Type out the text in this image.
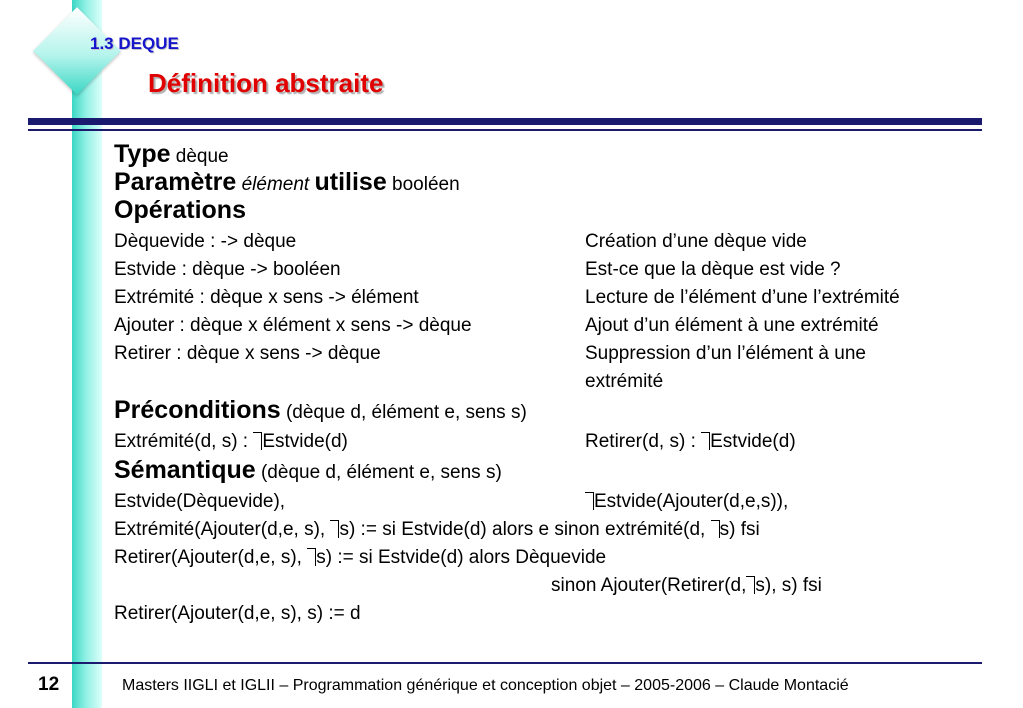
1.3 DEQUE
Définition abstraite
Type dèque
Paramètre élément utilise booléen
Opérations
Dèquevide : -> dèque	Création d’une dèque vide
Estvide : dèque -> booléen	Est-ce que la dèque est vide ?
Extrémité : dèque x sens -> élément	Lecture de l’élément d’une l’extrémité
Ajouter : dèque x élément x sens -> dèque	Ajout d’un élément à une extrémité
Retirer : dèque x sens -> dèque	Suppression d’un l’élément à une
extrémité
Préconditions (dèque d, élément e, sens s)
Extrémité(d, s) : Estvide(d)	Retirer(d, s) : Estvide(d)
Sémantique (dèque d, élément e, sens s)
Estvide(Dèquevide),	Estvide(Ajouter(d,e,s)),
Extrémité(Ajouter(d,e, s), s) := si Estvide(d) alors e sinon extrémité(d, s) fsi
Retirer(Ajouter(d,e, s), s) := si Estvide(d) alors Dèquevide
sinon Ajouter(Retirer(d, s), s) fsi
Retirer(Ajouter(d,e, s), s) := d
12	Masters IIGLI et IGLII – Programmation générique et conception objet – 2005-2006 – Claude Montacié
